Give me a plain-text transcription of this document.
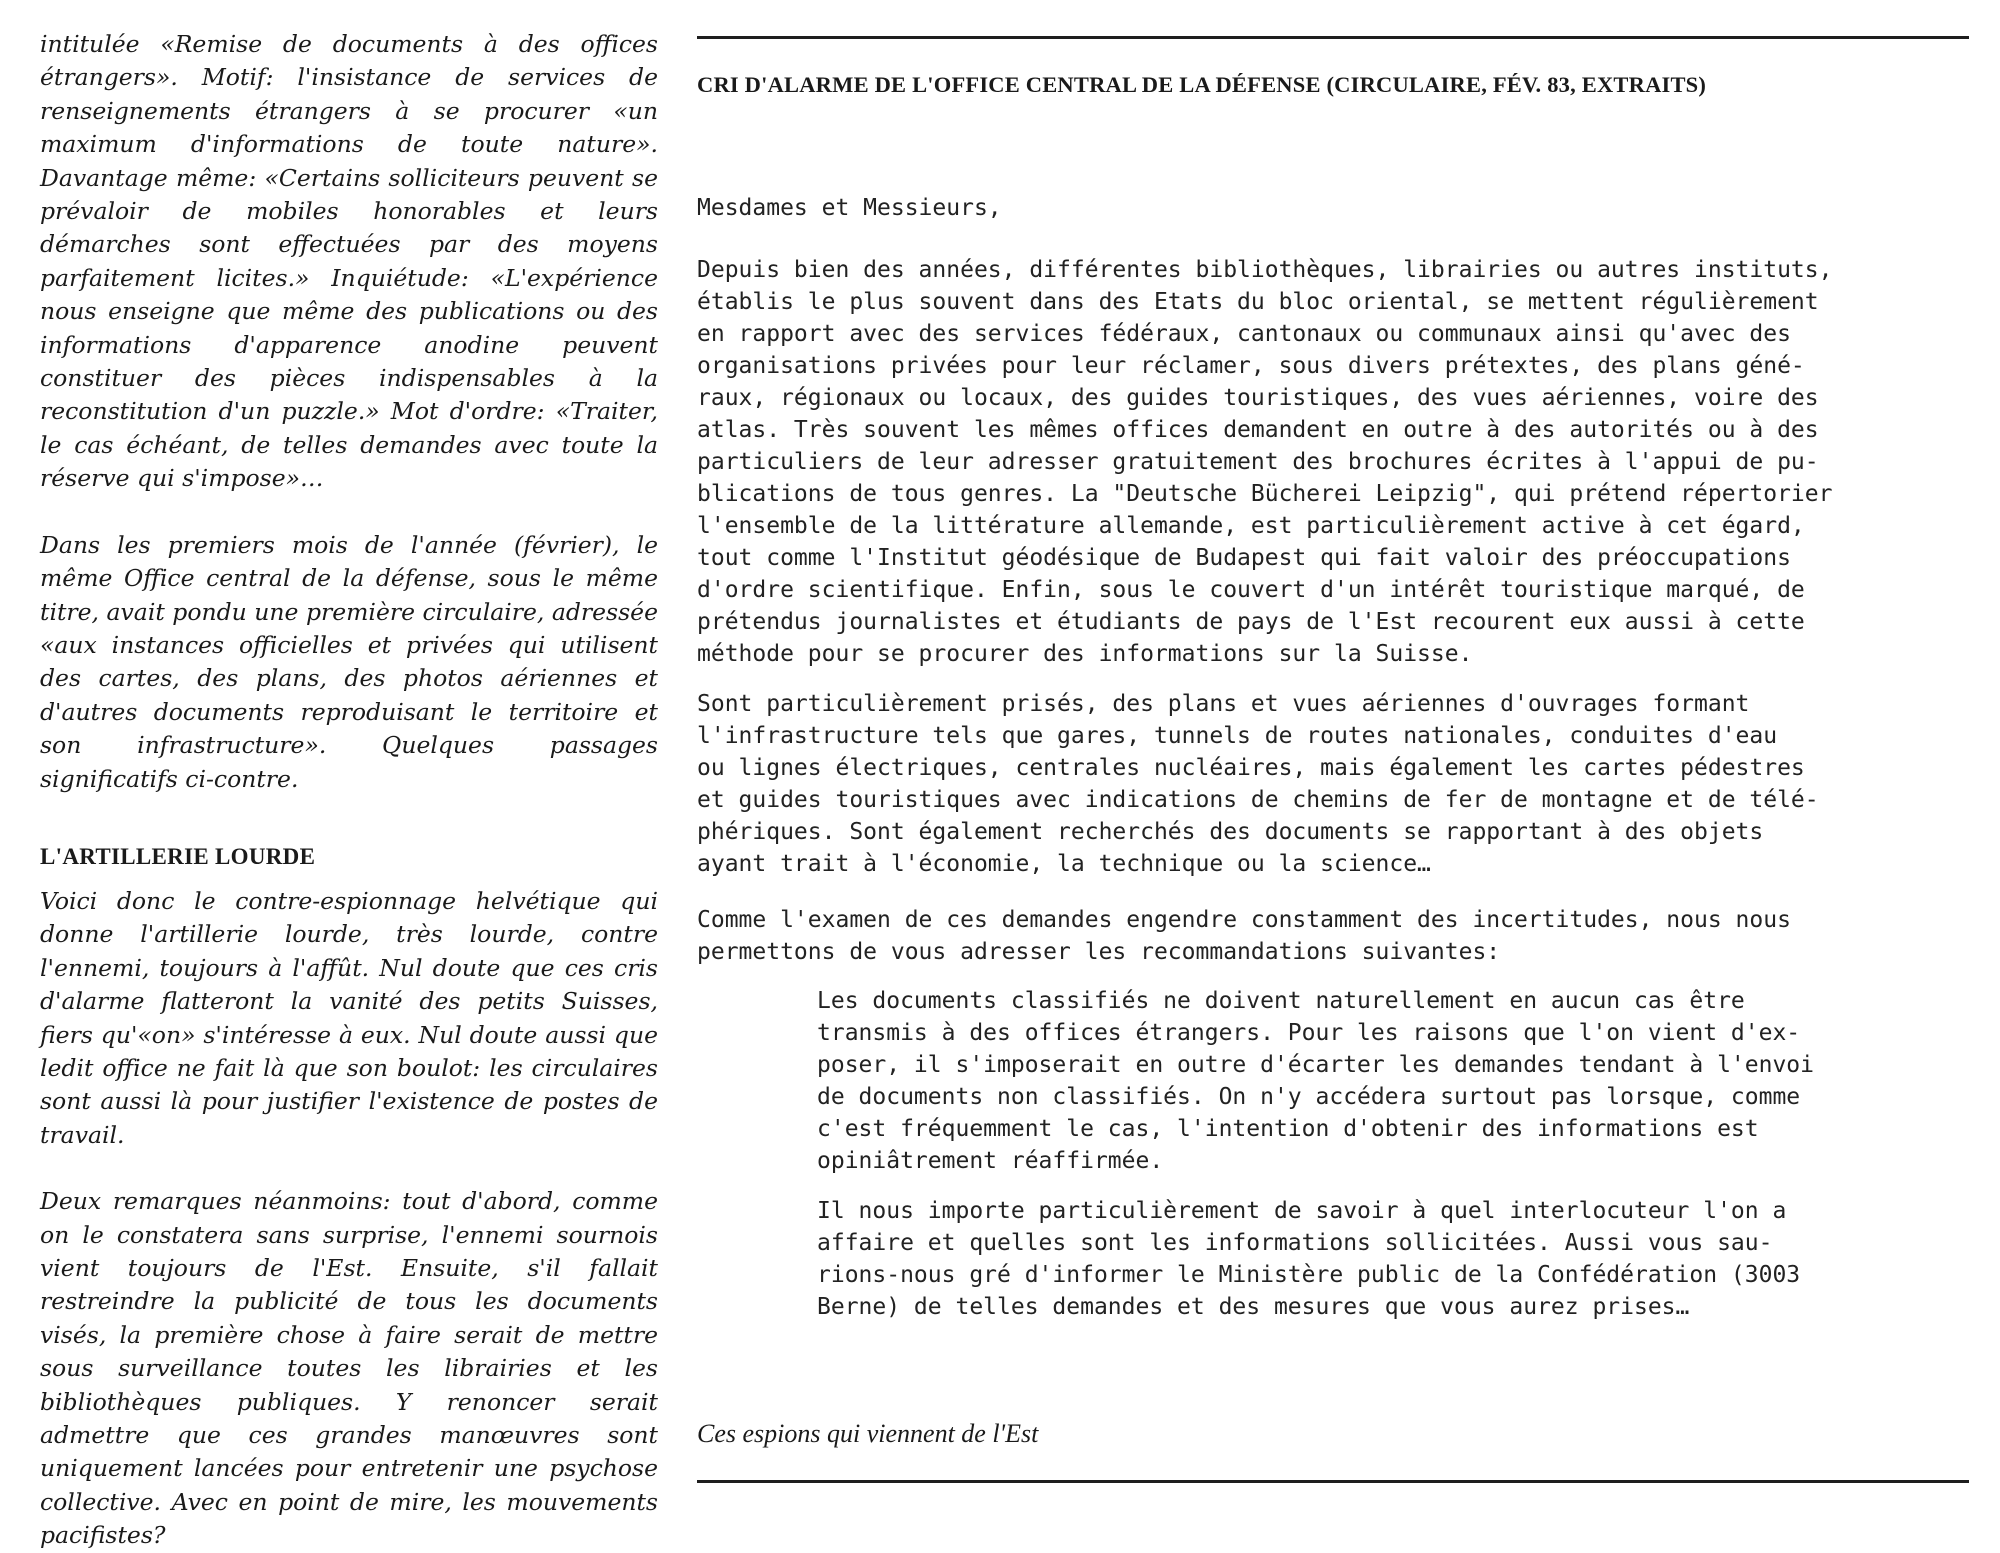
intitulée «Remise de documents à des offices étrangers». Motif: l'insistance de services de renseignements étrangers à se procurer «un maximum d'informations de toute nature». Davantage même: «Certains solliciteurs peuvent se prévaloir de mobiles honorables et leurs démarches sont effectuées par des moyens parfaitement licites.» Inquiétude: «L'expérience nous enseigne que même des publications ou des informations d'apparence anodine peuvent constituer des pièces indispensables à la reconstitution d'un puzzle.» Mot d'ordre: «Traiter, le cas échéant, de telles demandes avec toute la réserve qui s'impose»…

Dans les premiers mois de l'année (février), le même Office central de la défense, sous le même titre, avait pondu une première circulaire, adressée «aux instances officielles et privées qui utilisent des cartes, des plans, des photos aériennes et d'autres documents reproduisant le territoire et son infrastructure». Quelques passages significatifs ci-contre.

L'ARTILLERIE LOURDE

Voici donc le contre-espionnage helvétique qui donne l'artillerie lourde, très lourde, contre l'ennemi, toujours à l'affût. Nul doute que ces cris d'alarme flatteront la vanité des petits Suisses, fiers qu'«on» s'intéresse à eux. Nul doute aussi que ledit office ne fait là que son boulot: les circulaires sont aussi là pour justifier l'existence de postes de travail.

Deux remarques néanmoins: tout d'abord, comme on le constatera sans surprise, l'ennemi sournois vient toujours de l'Est. Ensuite, s'il fallait restreindre la publicité de tous les documents visés, la première chose à faire serait de mettre sous surveillance toutes les librairies et les bibliothèques publiques. Y renoncer serait admettre que ces grandes manœuvres sont uniquement lancées pour entretenir une psychose collective. Avec en point de mire, les mouvements pacifistes?

CRI D'ALARME DE L'OFFICE CENTRAL DE LA DÉFENSE (CIRCULAIRE, FÉV. 83, EXTRAITS)
Mesdames et Messieurs,
Depuis bien des années, différentes bibliothèques, librairies ou autres instituts,
établis le plus souvent dans des Etats du bloc oriental, se mettent régulièrement
en rapport avec des services fédéraux, cantonaux ou communaux ainsi qu'avec des
organisations privées pour leur réclamer, sous divers prétextes, des plans géné-
raux, régionaux ou locaux, des guides touristiques, des vues aériennes, voire des
atlas. Très souvent les mêmes offices demandent en outre à des autorités ou à des
particuliers de leur adresser gratuitement des brochures écrites à l'appui de pu-
blications de tous genres. La "Deutsche Bücherei Leipzig", qui prétend répertorier
l'ensemble de la littérature allemande, est particulièrement active à cet égard,
tout comme l'Institut géodésique de Budapest qui fait valoir des préoccupations
d'ordre scientifique. Enfin, sous le couvert d'un intérêt touristique marqué, de
prétendus journalistes et étudiants de pays de l'Est recourent eux aussi à cette
méthode pour se procurer des informations sur la Suisse.
Sont particulièrement prisés, des plans et vues aériennes d'ouvrages formant
l'infrastructure tels que gares, tunnels de routes nationales, conduites d'eau
ou lignes électriques, centrales nucléaires, mais également les cartes pédestres
et guides touristiques avec indications de chemins de fer de montagne et de télé-
phériques. Sont également recherchés des documents se rapportant à des objets
ayant trait à l'économie, la technique ou la science…
Comme l'examen de ces demandes engendre constamment des incertitudes, nous nous
permettons de vous adresser les recommandations suivantes:
Les documents classifiés ne doivent naturellement en aucun cas être
transmis à des offices étrangers. Pour les raisons que l'on vient d'ex-
poser, il s'imposerait en outre d'écarter les demandes tendant à l'envoi
de documents non classifiés. On n'y accédera surtout pas lorsque, comme
c'est fréquemment le cas, l'intention d'obtenir des informations est
opiniâtrement réaffirmée.
Il nous importe particulièrement de savoir à quel interlocuteur l'on a
affaire et quelles sont les informations sollicitées. Aussi vous sau-
rions-nous gré d'informer le Ministère public de la Confédération (3003
Berne) de telles demandes et des mesures que vous aurez prises…
Ces espions qui viennent de l'Est
